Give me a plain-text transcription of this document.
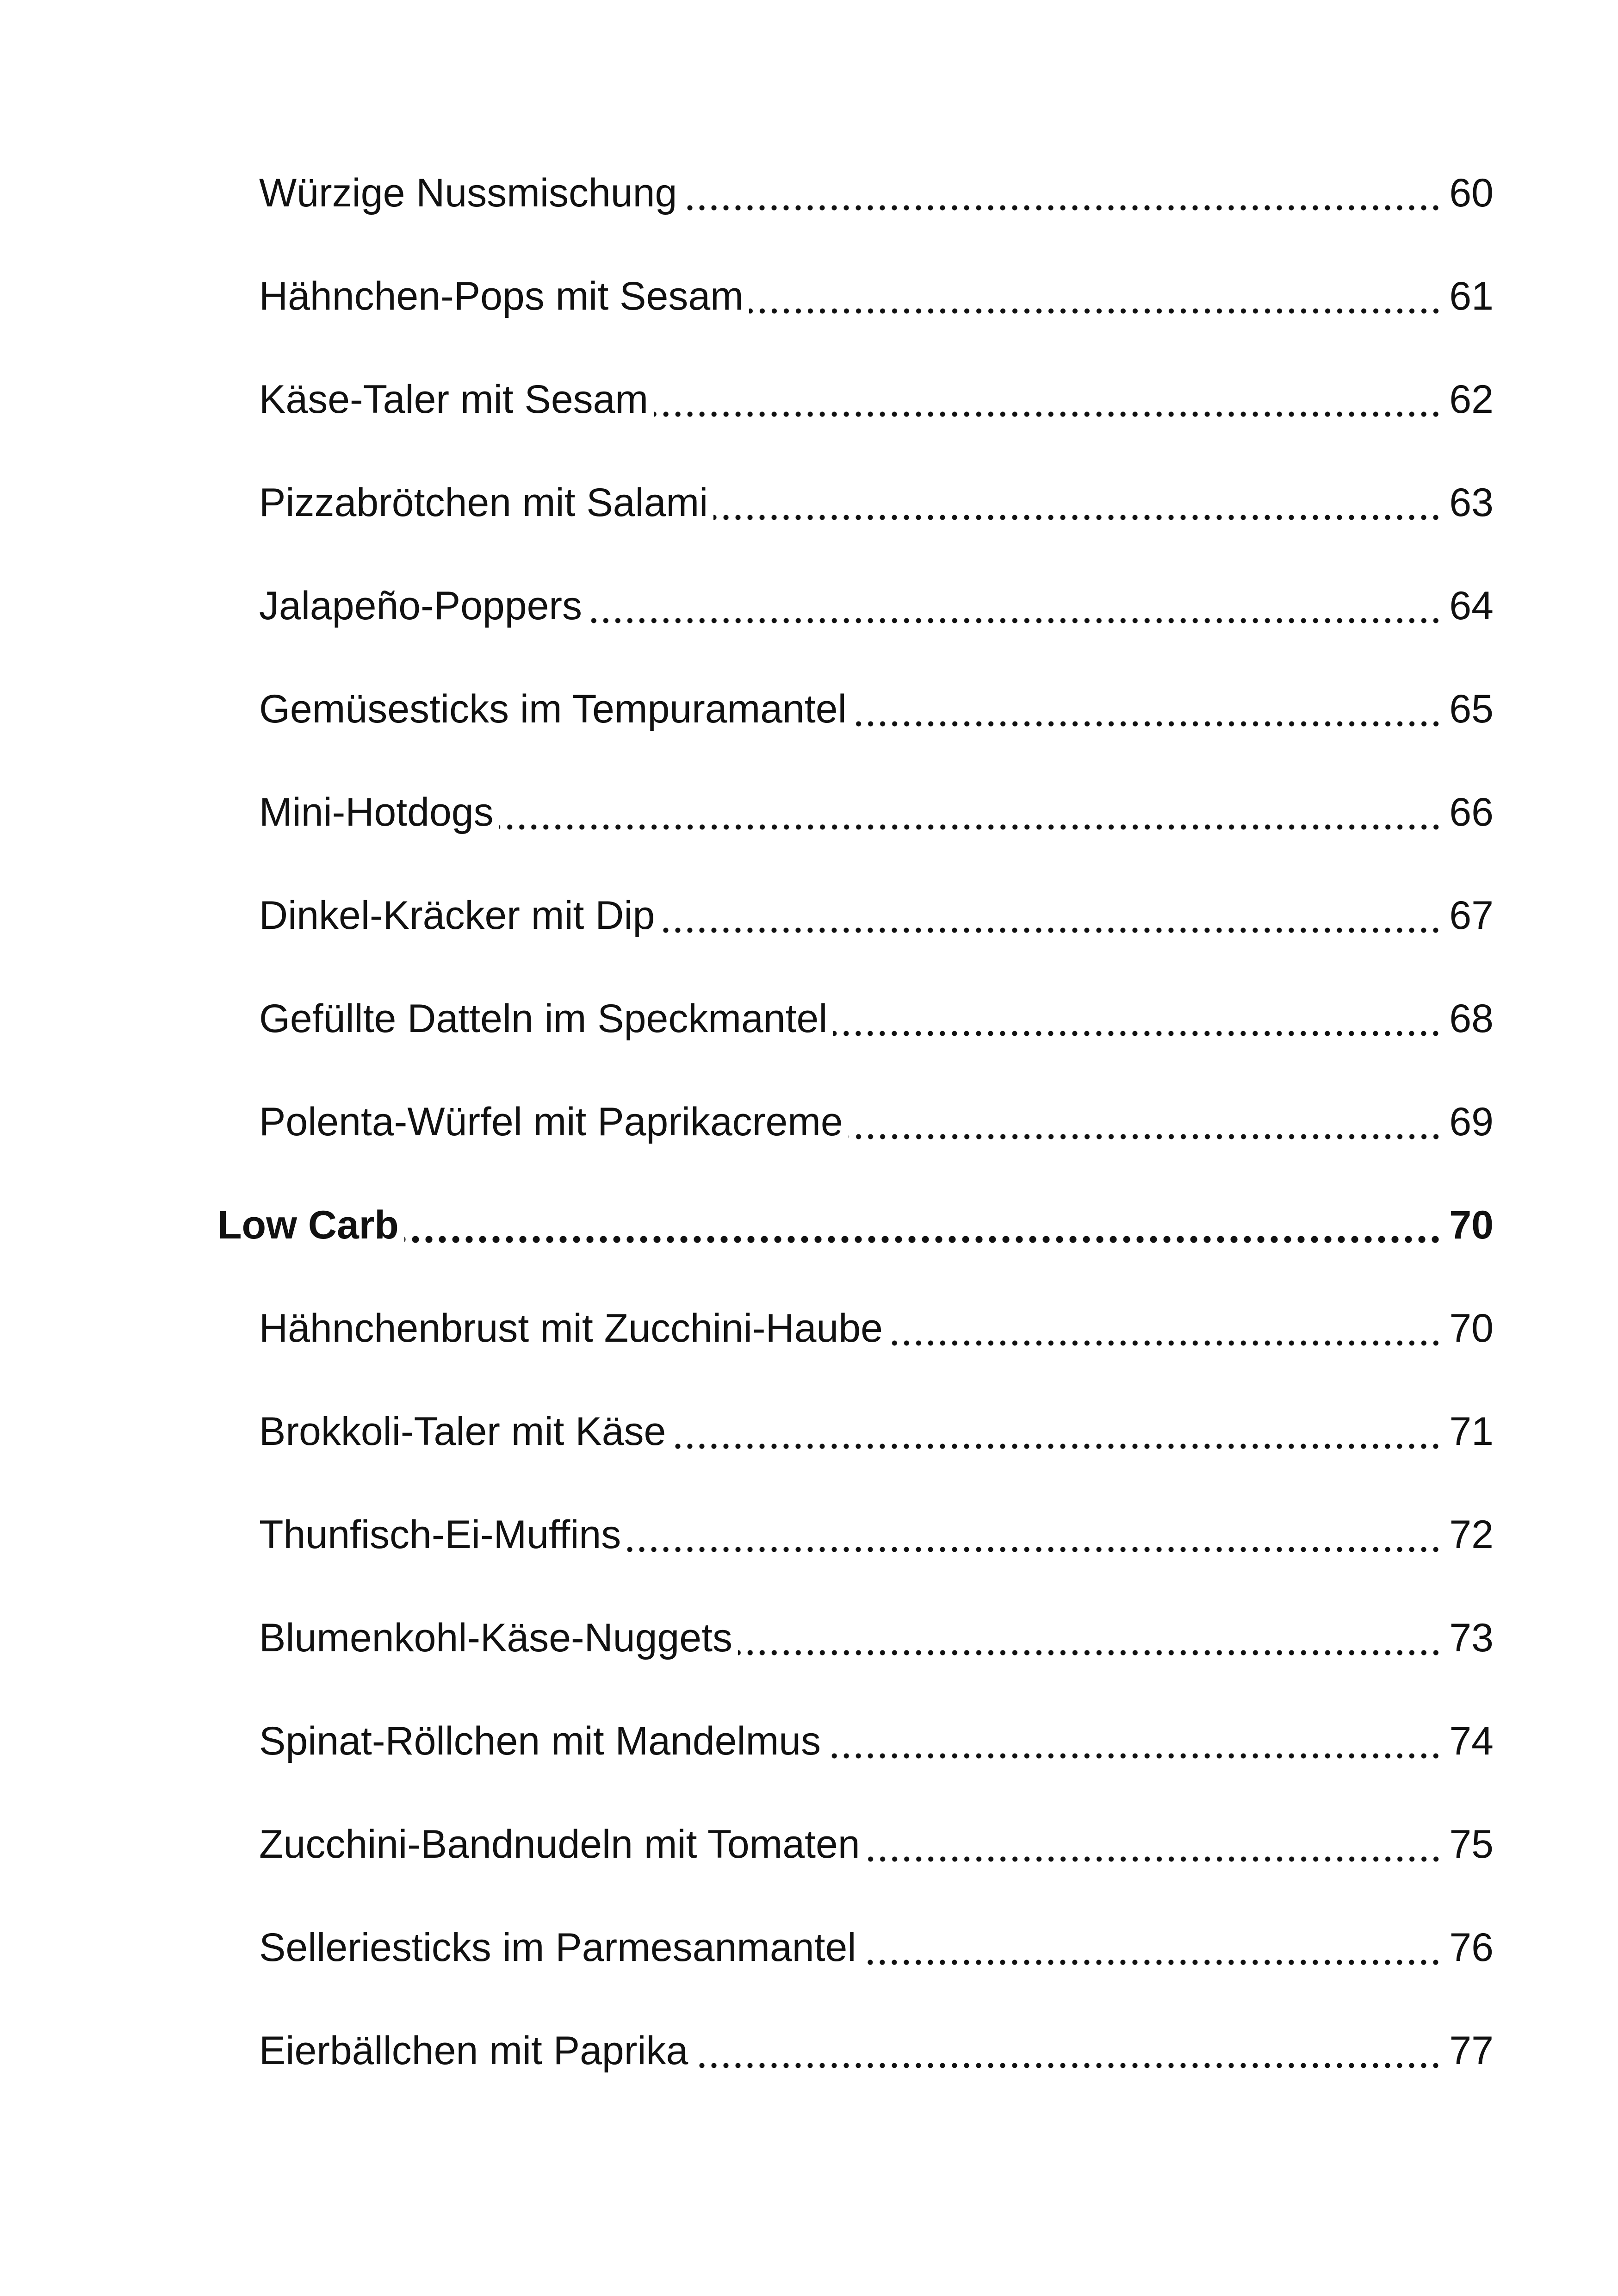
Würzige Nussmischung	60
Hähnchen-Pops mit Sesam	61
Käse-Taler mit Sesam	62
Pizzabrötchen mit Salami	63
Jalapeño-Poppers	64
Gemüsesticks im Tempuramantel	65
Mini-Hotdogs	66
Dinkel-Kräcker mit Dip	67
Gefüllte Datteln im Speckmantel	68
Polenta-Würfel mit Paprikacreme	69
Low Carb	70
Hähnchenbrust mit Zucchini-Haube	70
Brokkoli-Taler mit Käse	71
Thunfisch-Ei-Muffins	72
Blumenkohl-Käse-Nuggets	73
Spinat-Röllchen mit Mandelmus	74
Zucchini-Bandnudeln mit Tomaten	75
Selleriesticks im Parmesanmantel	76
Eierbällchen mit Paprika	77
